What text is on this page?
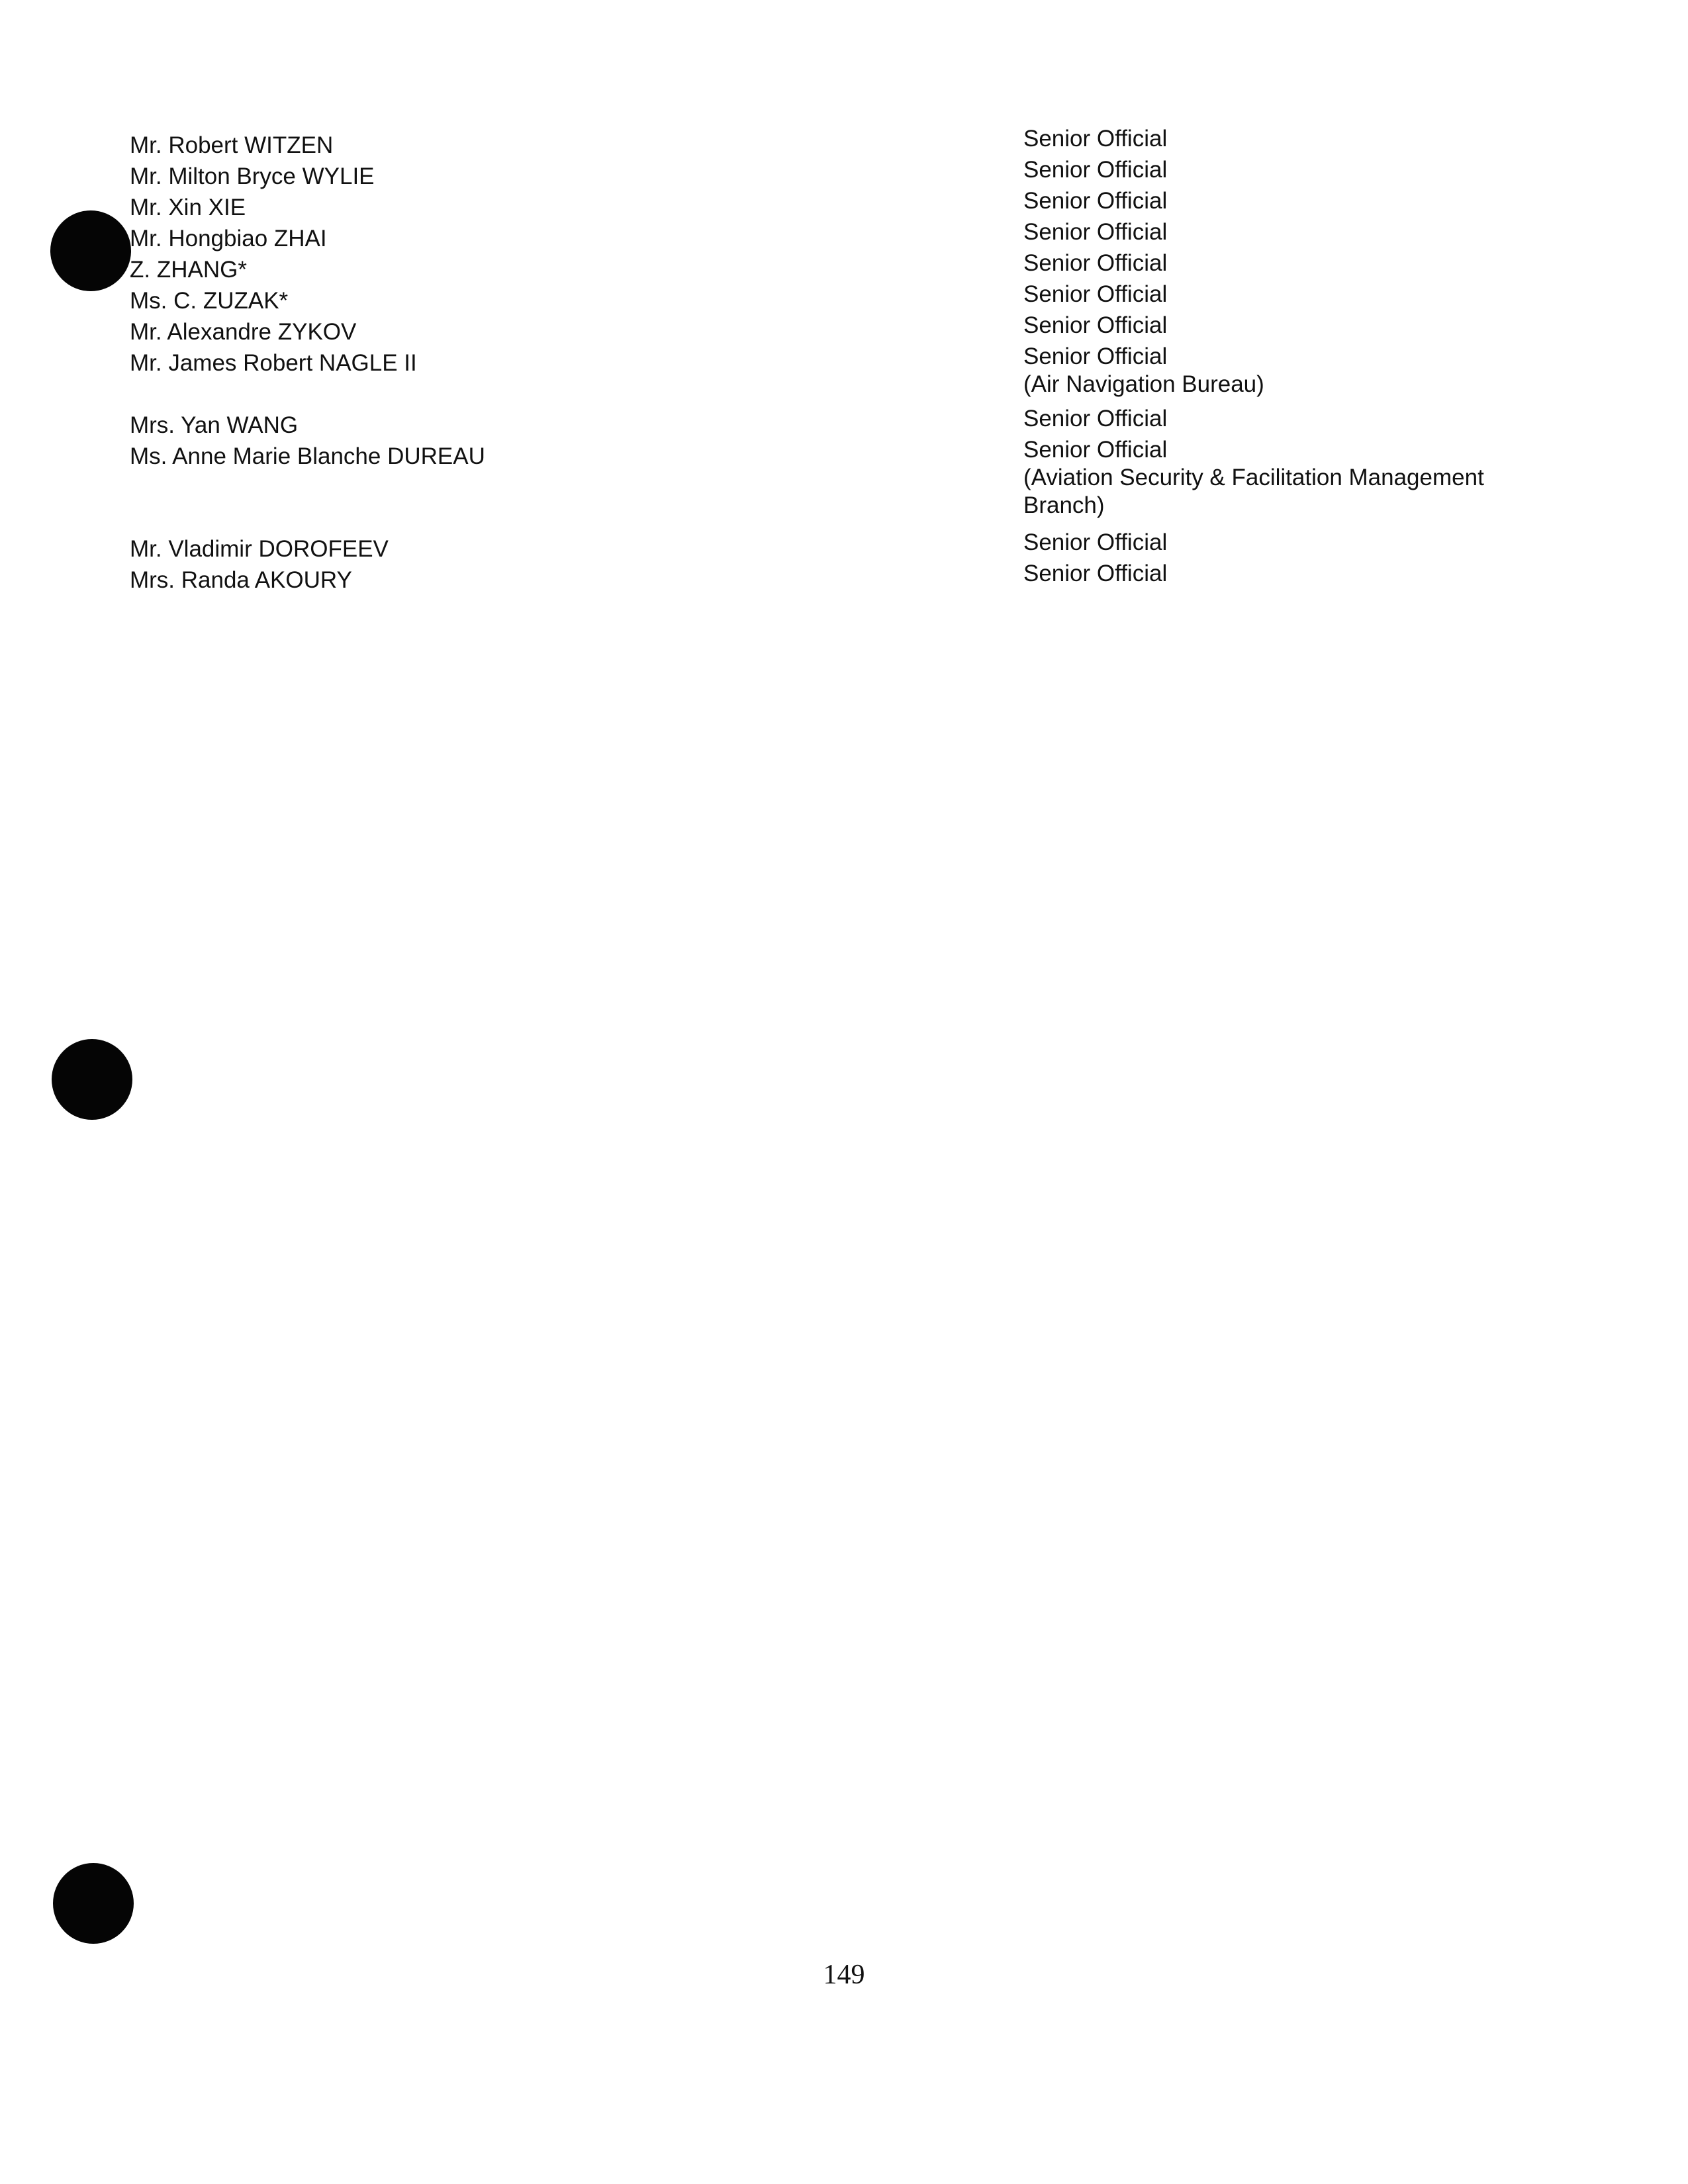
Mr. Robert WITZEN
Mr. Milton Bryce WYLIE
Mr. Xin XIE
Mr. Hongbiao ZHAI
Z. ZHANG*
Ms. C. ZUZAK*
Mr. Alexandre ZYKOV
Mr. James Robert NAGLE II
Mrs. Yan WANG
Ms. Anne Marie Blanche DUREAU
Mr. Vladimir DOROFEEV
Mrs. Randa AKOURY
Senior Official
Senior Official
Senior Official
Senior Official
Senior Official
Senior Official
Senior Official
Senior Official
(Air Navigation Bureau)
Senior Official
Senior Official
(Aviation Security & Facilitation Management
Branch)
Senior Official
Senior Official
149
